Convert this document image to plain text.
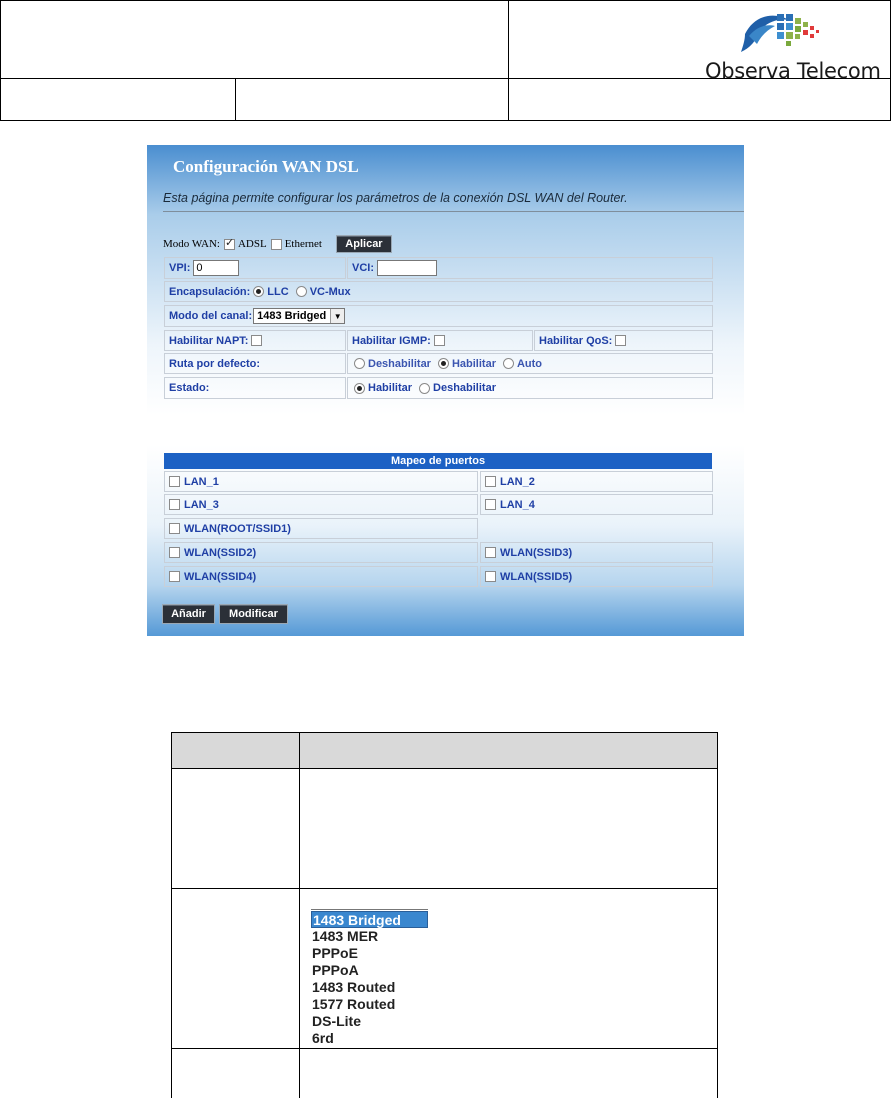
Observa Telecom
Configuración WAN DSL
Esta página permite configurar los parámetros de la conexión DSL WAN del Router.
Modo WAN:
✓ ADSL Ethernet	Aplicar
VPI: 0	VCI:
Encapsulación: LLC VC-Mux
Modo del canal: 1483 Bridged ▼
Habilitar NAPT:	Habilitar IGMP:	Habilitar QoS:
Ruta por defecto:	Deshabilitar Habilitar Auto
Estado:	Habilitar Deshabilitar
Mapeo de puertos
LAN_1	LAN_2
LAN_3	LAN_4
WLAN(ROOT/SSID1)
WLAN(SSID2)	WLAN(SSID3)
WLAN(SSID4)	WLAN(SSID5)
Añadir	Modificar

1483 Bridged
1483 MER
PPPoE
PPPoA
1483 Routed
1577 Routed
DS-Lite
6rd
